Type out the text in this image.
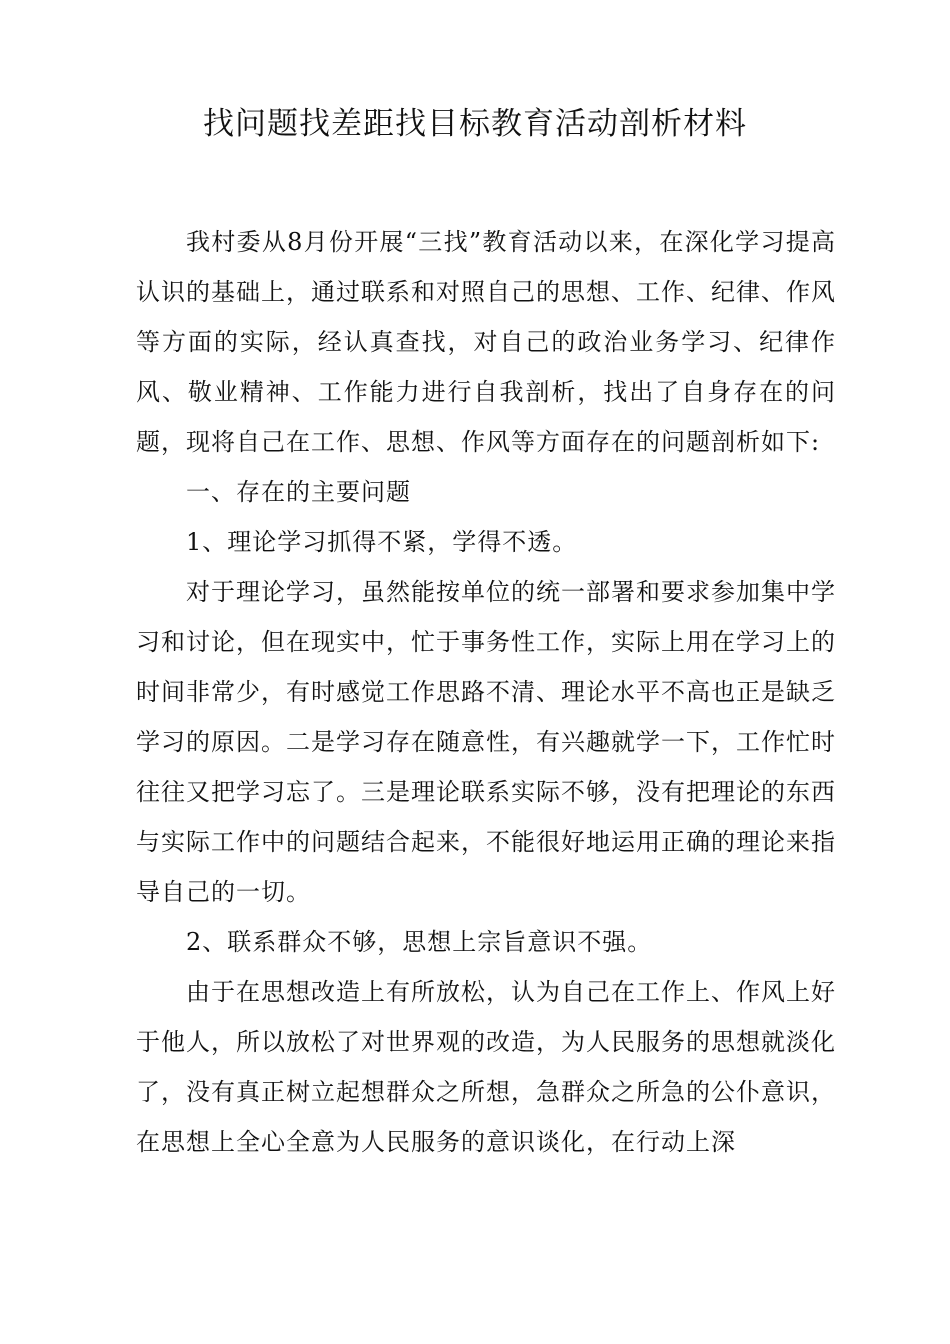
找问题找差距找目标教育活动剖析材料

我村委从8月份开展“三找”教育活动以来，在深化学习提高认识的基础上，通过联系和对照自己的思想、工作、纪律、作风等方面的实际，经认真查找，对自己的政治业务学习、纪律作风、敬业精神、工作能力进行自我剖析，找出了自身存在的问题，现将自己在工作、思想、作风等方面存在的问题剖析如下:

一、存在的主要问题

1、理论学习抓得不紧，学得不透。

对于理论学习，虽然能按单位的统一部署和要求参加集中学习和讨论，但在现实中，忙于事务性工作，实际上用在学习上的时间非常少，有时感觉工作思路不清、理论水平不高也正是缺乏学习的原因。二是学习存在随意性，有兴趣就学一下，工作忙时往往又把学习忘了。三是理论联系实际不够，没有把理论的东西与实际工作中的问题结合起来，不能很好地运用正确的理论来指导自己的一切。

2、联系群众不够，思想上宗旨意识不强。

由于在思想改造上有所放松，认为自己在工作上、作风上好于他人，所以放松了对世界观的改造，为人民服务的思想就淡化了，没有真正树立起想群众之所想，急群众之所急的公仆意识，在思想上全心全意为人民服务的意识谈化，在行动上深
